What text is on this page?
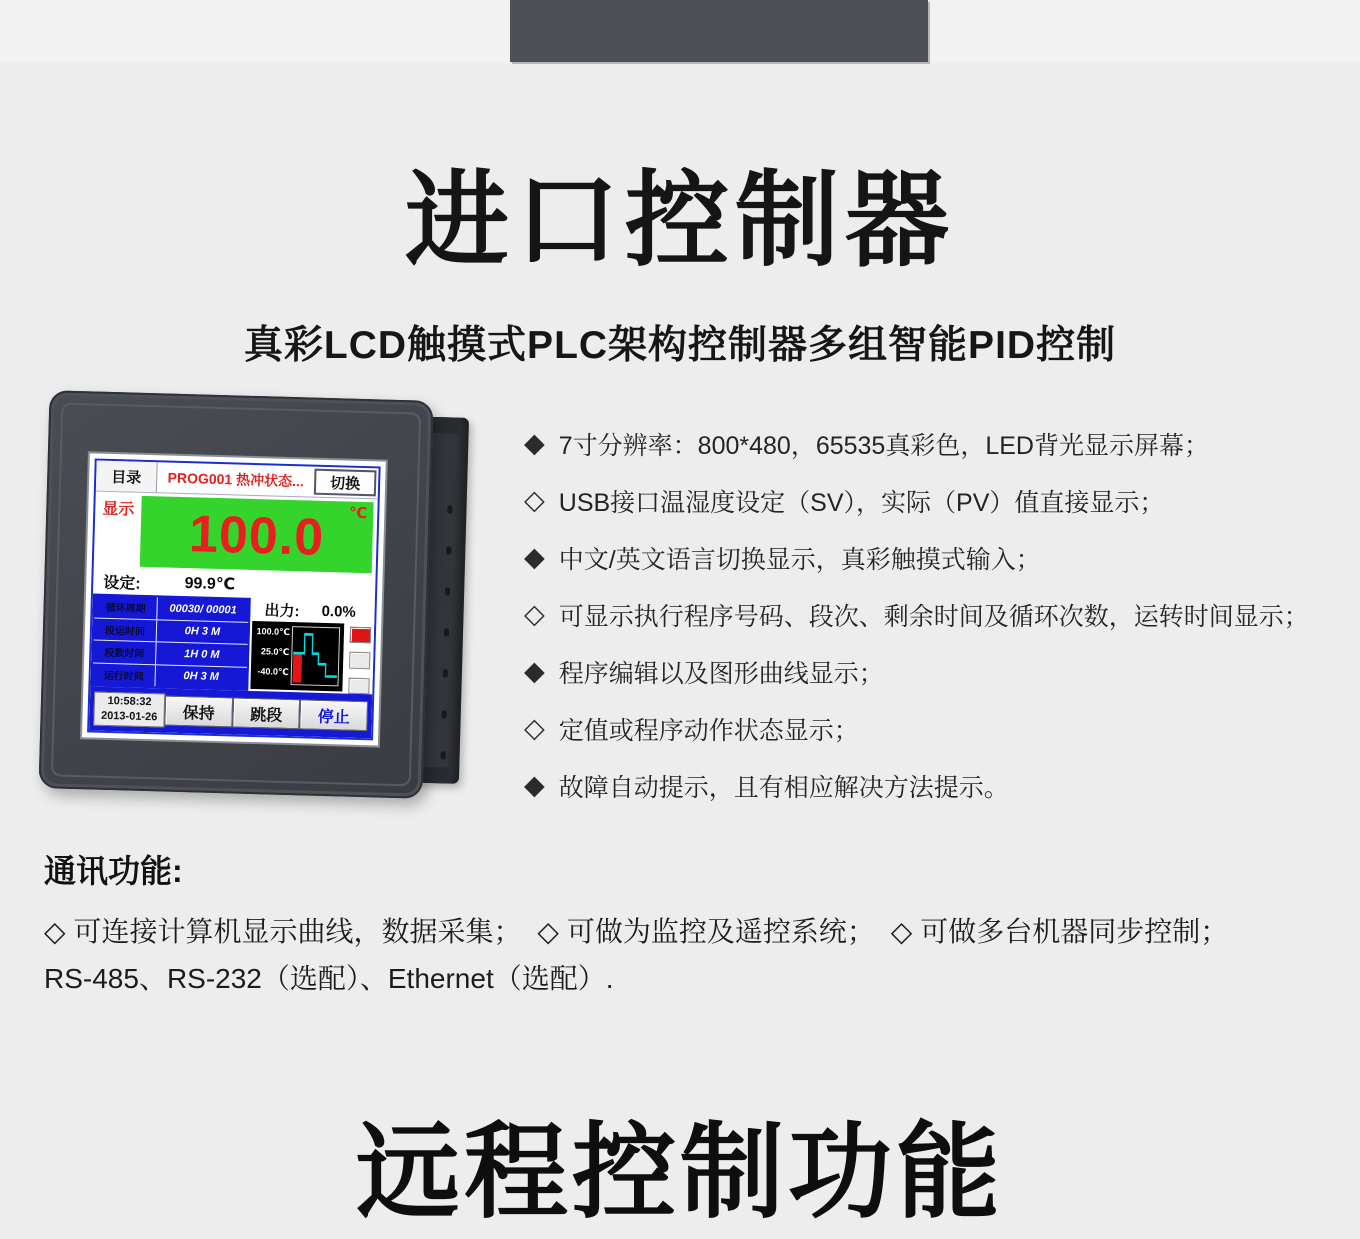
进口控制器
真彩LCD触摸式PLC架构控制器多组智能PID控制
目录	PROG001 热冲状态...	切换
显示 100.0 ℃
设定:	99.9℃
循环周期	00030/ 00001
段运时间	0H 3 M
段数时间	1H 0 M
运行时间	0H 3 M
出力: 0.0%
100.0℃
25.0℃
-40.0℃
10:58:32
2013-01-26	保持	跳段	停止
◆ 7寸分辨率：800*480，65535真彩色，LED背光显示屏幕；
◇ USB接口温湿度设定（SV），实际（PV）值直接显示；
◆ 中文/英文语言切换显示，真彩触摸式输入；
◇ 可显示执行程序号码、段次、剩余时间及循环次数，运转时间显示；
◆ 程序编辑以及图形曲线显示；
◇ 定值或程序动作状态显示；
◆ 故障自动提示，且有相应解决方法提示。
通讯功能:
◇ 可连接计算机显示曲线，数据采集； ◇ 可做为监控及遥控系统； ◇ 可做多台机器同步控制；
RS-485、RS-232（选配）、Ethernet（选配）.
远程控制功能
